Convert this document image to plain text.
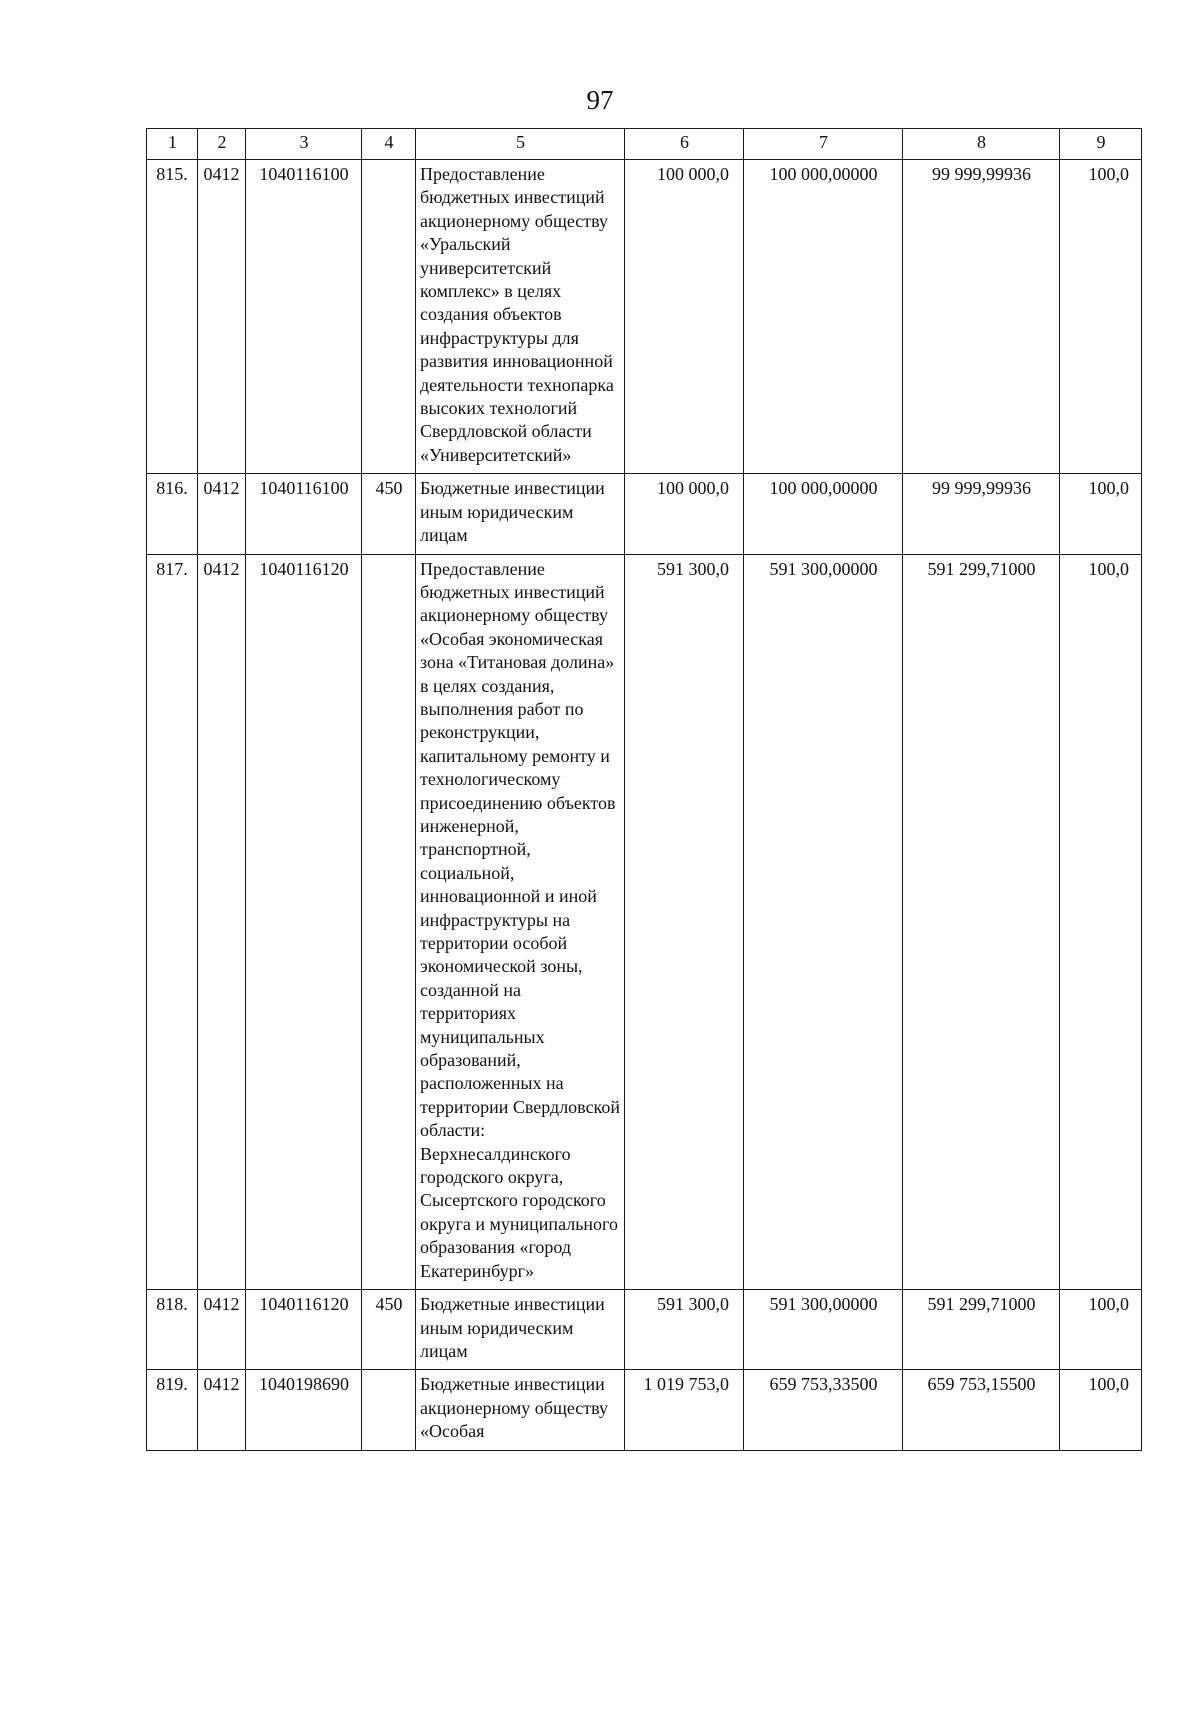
97
1	2	3	4	5	6	7	8	9
815.	0412	1040116100		Предоставление бюджетных инвестиций акционерному обществу «Уральский университетский комплекс» в целях создания объектов инфраструктуры для развития инновационной деятельности технопарка высоких технологий Свердловской области «Университетский»	100 000,0	100 000,00000	99 999,99936	100,0
816.	0412	1040116100	450	Бюджетные инвестиции иным юридическим лицам	100 000,0	100 000,00000	99 999,99936	100,0
817.	0412	1040116120		Предоставление бюджетных инвестиций акционерному обществу «Особая экономическая зона «Титановая долина» в целях создания, выполнения работ по реконструкции, капитальному ремонту и технологическому присоединению объектов инженерной, транспортной, социальной, инновационной и иной инфраструктуры на территории особой экономической зоны, созданной на территориях муниципальных образований, расположенных на территории Свердловской области: Верхнесалдинского городского округа, Сысертского городского округа и муниципального образования «город Екатеринбург»	591 300,0	591 300,00000	591 299,71000	100,0
818.	0412	1040116120	450	Бюджетные инвестиции иным юридическим лицам	591 300,0	591 300,00000	591 299,71000	100,0
819.	0412	1040198690		Бюджетные инвестиции акционерному обществу «Особая	1 019 753,0	659 753,33500	659 753,15500	100,0
